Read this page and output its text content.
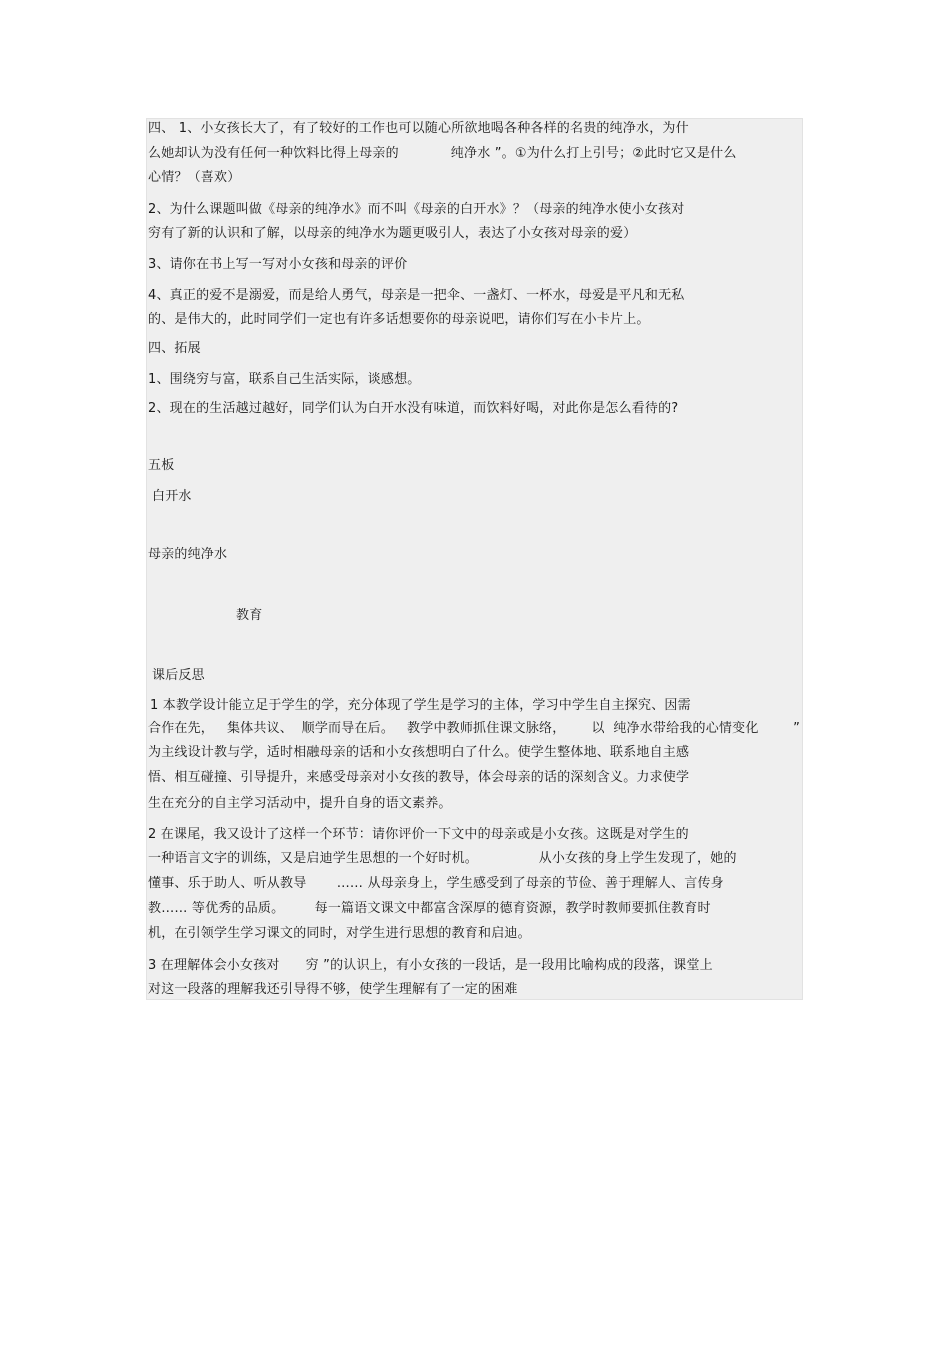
四、 1、小女孩长大了，有了较好的工作也可以随心所欲地喝各种各样的名贵的纯净水，为什
么她却认为没有任何一种饮料比得上母亲的            纯净水 ”。①为什么打上引号；②此时它又是什么
心情？（喜欢）
2、为什么课题叫做《母亲的纯净水》而不叫《母亲的白开水》？（母亲的纯净水使小女孩对
穷有了新的认识和了解，以母亲的纯净水为题更吸引人，表达了小女孩对母亲的爱）
3、请你在书上写一写对小女孩和母亲的评价
4、真正的爱不是溺爱，而是给人勇气，母亲是一把伞、一盏灯、一杯水，母爱是平凡和无私
的、是伟大的，此时同学们一定也有许多话想要你的母亲说吧，请你们写在小卡片上。
四、拓展
1、围绕穷与富，联系自己生活实际，谈感想。
2、现在的生活越过越好，同学们认为白开水没有味道，而饮料好喝，对此你是怎么看待的?
五板
白开水
母亲的纯净水
教育
课后反思
1 本教学设计能立足于学生的学，充分体现了学生是学习的主体，学习中学生自主探究、因需
合作在先，   集体共议、  顺学而导在后。   教学中教师抓住课文脉络，      以  纯净水带给我的心情变化        ”
为主线设计教与学，适时相融母亲的话和小女孩想明白了什么。使学生整体地、联系地自主感
悟、相互碰撞、引导提升，来感受母亲对小女孩的教导，体会母亲的话的深刻含义。力求使学
生在充分的自主学习活动中，提升自身的语文素养。
2 在课尾，我又设计了这样一个环节：请你评价一下文中的母亲或是小女孩。这既是对学生的
一种语言文字的训练，又是启迪学生思想的一个好时机。              从小女孩的身上学生发现了，她的
懂事、乐于助人、听从教导       …… 从母亲身上，学生感受到了母亲的节俭、善于理解人、言传身
教…… 等优秀的品质。       每一篇语文课文中都富含深厚的德育资源，教学时教师要抓住教育时
机，在引领学生学习课文的同时，对学生进行思想的教育和启迪。
3 在理解体会小女孩对      穷 ”的认识上，有小女孩的一段话，是一段用比喻构成的段落，课堂上
对这一段落的理解我还引导得不够，使学生理解有了一定的困难
